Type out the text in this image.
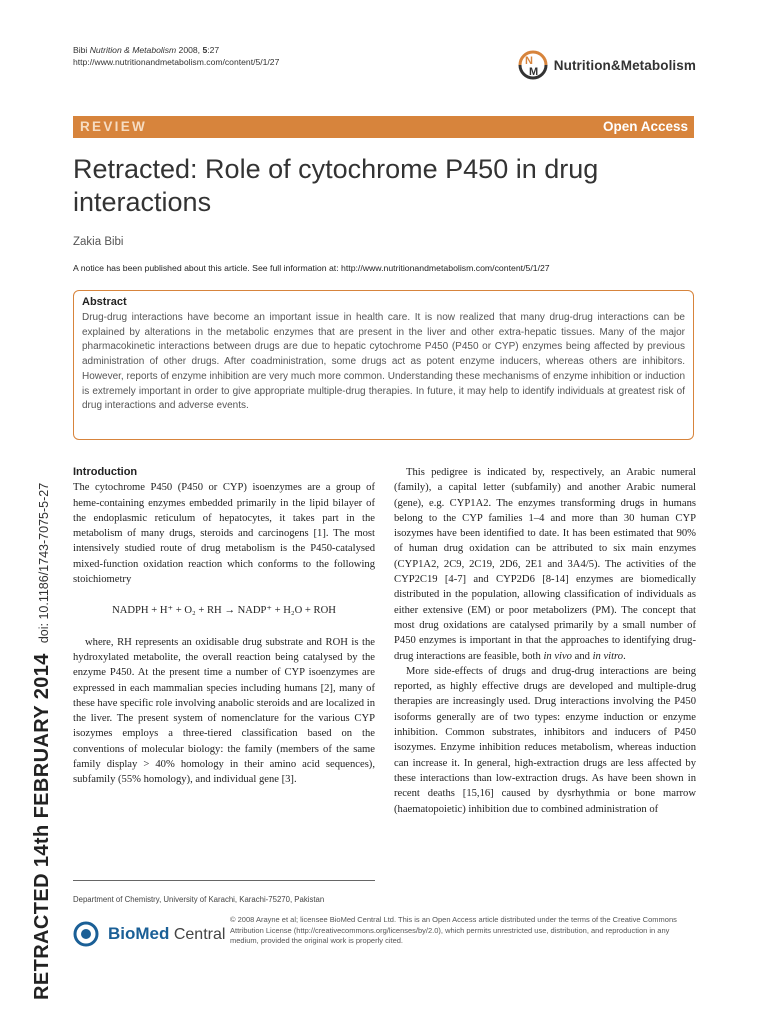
Bibi Nutrition & Metabolism 2008, 5:27
http://www.nutritionandmetabolism.com/content/5/1/27	N
M Nutrition&Metabolism
REVIEW	Open Access
Retracted: Role of cytochrome P450 in drug interactions
Zakia Bibi
A notice has been published about this article. See full information at: http://www.nutritionandmetabolism.com/content/5/1/27
Abstract

Drug-drug interactions have become an important issue in health care. It is now realized that many drug-drug interactions can be explained by alterations in the metabolic enzymes that are present in the liver and other extra-hepatic tissues. Many of the major pharmacokinetic interactions between drugs are due to hepatic cytochrome P450 (P450 or CYP) enzymes being affected by previous administration of other drugs. After coadministration, some drugs act as potent enzyme inducers, whereas others are inhibitors. However, reports of enzyme inhibition are very much more common. Understanding these mechanisms of enzyme inhibition or induction is extremely important in order to give appropriate multiple-drug therapies. In future, it may help to identify individuals at greatest risk of drug interactions and adverse events.

RETRACTED 14th FEBRUARY 2014doi: 10.1186/1743-7075-5-27
Introduction

The cytochrome P450 (P450 or CYP) isoenzymes are a group of heme-containing enzymes embedded primarily in the lipid bilayer of the endoplasmic reticulum of hepatocytes, it takes part in the metabolism of many drugs, steroids and carcinogens [1]. The most intensively studied route of drug metabolism is the P450-catalysed mixed-function oxidation reaction which conforms to the following stoichiometry

NADPH + H⁺ + O₂ + RH → NADP⁺ + H₂O + ROH

where, RH represents an oxidisable drug substrate and ROH is the hydroxylated metabolite, the overall reaction being catalysed by the enzyme P450. At the present time a number of CYP isoenzymes are expressed in each mammalian species including humans [2], many of these have specific role involving anabolic steroids and are localized in the liver. The present system of nomenclature for the various CYP isozymes employs a three-tiered classification based on the conventions of molecular biology: the family (members of the same family display > 40% homology in their amino acid sequences), subfamily (55% homology), and individual gene [3].

This pedigree is indicated by, respectively, an Arabic numeral (family), a capital letter (subfamily) and another Arabic numeral (gene), e.g. CYP1A2. The enzymes transforming drugs in humans belong to the CYP families 1–4 and more than 30 human CYP isozymes have been identified to date. It has been estimated that 90% of human drug oxidation can be attributed to six main enzymes (CYP1A2, 2C9, 2C19, 2D6, 2E1 and 3A4/5). The activities of the CYP2C19 [4-7] and CYP2D6 [8-14] enzymes are biomedically distributed in the population, allowing classification of individuals as either extensive (EM) or poor metabolizers (PM). The concept that most drug oxidations are catalysed primarily by a small number of P450 enzymes is important in that the approaches to identifying drug-drug interactions are feasible, both in vivo and in vitro.

More side-effects of drugs and drug-drug interactions are being reported, as highly effective drugs are developed and multiple-drug therapies are increasingly used. Drug interactions involving the P450 isoforms generally are of two types: enzyme induction or enzyme inhibition. Common substrates, inhibitors and inducers of P450 isozymes. Enzyme inhibition reduces metabolism, whereas induction can increase it. In general, high-extraction drugs are less affected by these interactions than low-extraction drugs. As have been shown in recent deaths [15,16] caused by dysrhythmia or bone marrow (haematopoietic) inhibition due to combined administration of

Department of Chemistry, University of Karachi, Karachi-75270, Pakistan
BioMed Central
© 2008 Arayne et al; licensee BioMed Central Ltd. This is an Open Access article distributed under the terms of the Creative Commons Attribution License (http://creativecommons.org/licenses/by/2.0), which permits unrestricted use, distribution, and reproduction in any medium, provided the original work is properly cited.
